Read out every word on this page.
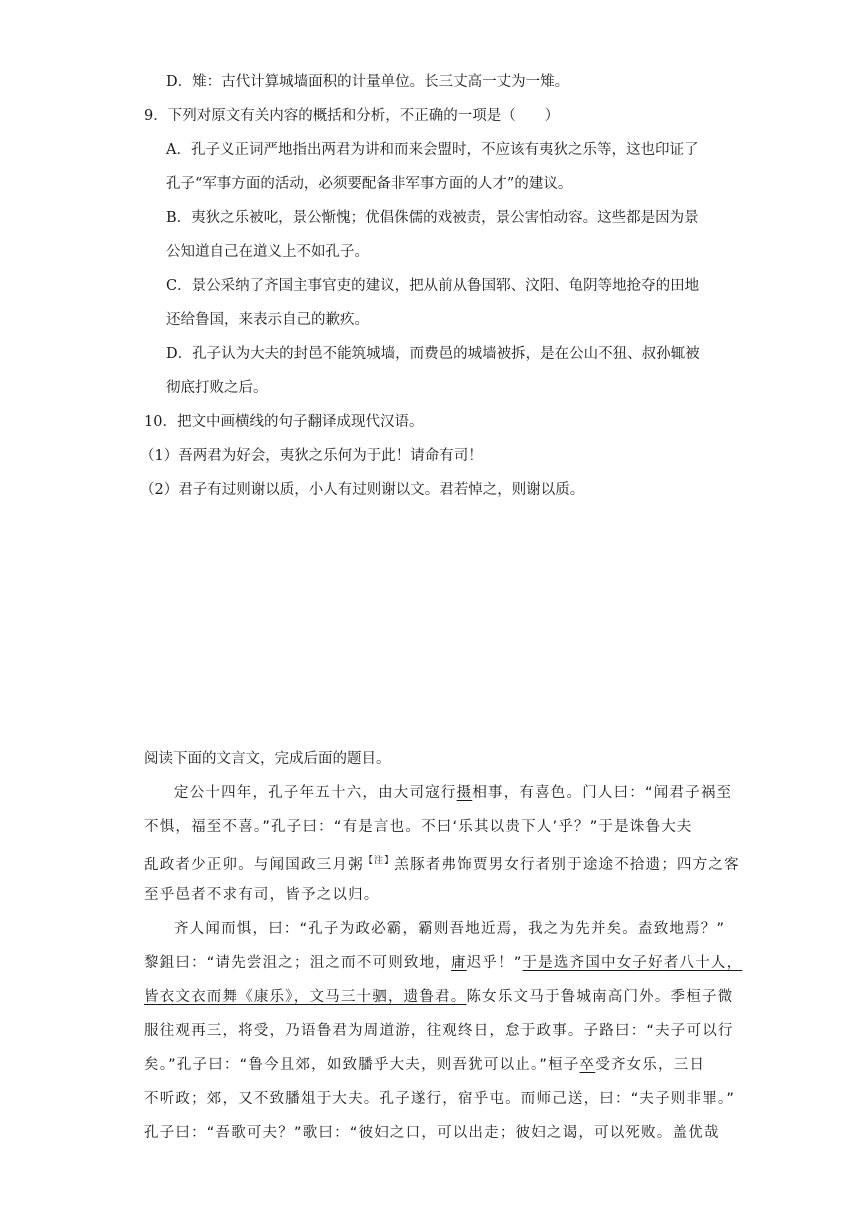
D．雉：古代计算城墙面积的计量单位。长三丈高一丈为一雉。
9．下列对原文有关内容的概括和分析，不正确的一项是（　　）
A．孔子义正词严地指出两君为讲和而来会盟时，不应该有夷狄之乐等，这也印证了
孔子“军事方面的活动，必须要配备非军事方面的人才”的建议。
B．夷狄之乐被叱，景公惭愧；优倡侏儒的戏被责，景公害怕动容。这些都是因为景
公知道自己在道义上不如孔子。
C．景公采纳了齐国主事官吏的建议，把从前从鲁国郓、汶阳、龟阴等地抢夺的田地
还给鲁国，来表示自己的歉疚。
D．孔子认为大夫的封邑不能筑城墙，而费邑的城墙被拆，是在公山不狃、叔孙辄被
彻底打败之后。
10．把文中画横线的句子翻译成现代汉语。
（1）吾两君为好会，夷狄之乐何为于此！请命有司！
（2）君子有过则谢以质，小人有过则谢以文。君若悼之，则谢以质。
阅读下面的文言文，完成后面的题目。
定公十四年，孔子年五十六，由大司寇行摄相事，有喜色。门人曰：“闻君子祸至
不惧，福至不喜。”孔子曰：“有是言也。不曰‘乐其以贵下人’乎？”于是诛鲁大夫
乱政者少正卯。与闻国政三月粥$^{【注】}$羔豚者弗饰贾男女行者别于途途不拾遗；四方之客
至乎邑者不求有司，皆予之以归。
齐人闻而惧，曰：“孔子为政必霸，霸则吾地近焉，我之为先并矣。盍致地焉？”
黎鉏曰：“请先尝沮之；沮之而不可则致地，庸迟乎！”于是选齐国中女子好者八十人，
皆衣文衣而舞《康乐》，文马三十驷，遗鲁君。陈女乐文马于鲁城南高门外。季桓子微
服往观再三，将受，乃语鲁君为周道游，往观终日，怠于政事。子路曰：“夫子可以行
矣。”孔子曰：“鲁今且郊，如致膰乎大夫，则吾犹可以止。”桓子卒受齐女乐，三日
不听政；郊，又不致膰俎于大夫。孔子遂行，宿乎屯。而师己送，曰：“夫子则非罪。”
孔子曰：“吾歌可夫？”歌曰：“彼妇之口，可以出走；彼妇之谒，可以死败。盖优哉
